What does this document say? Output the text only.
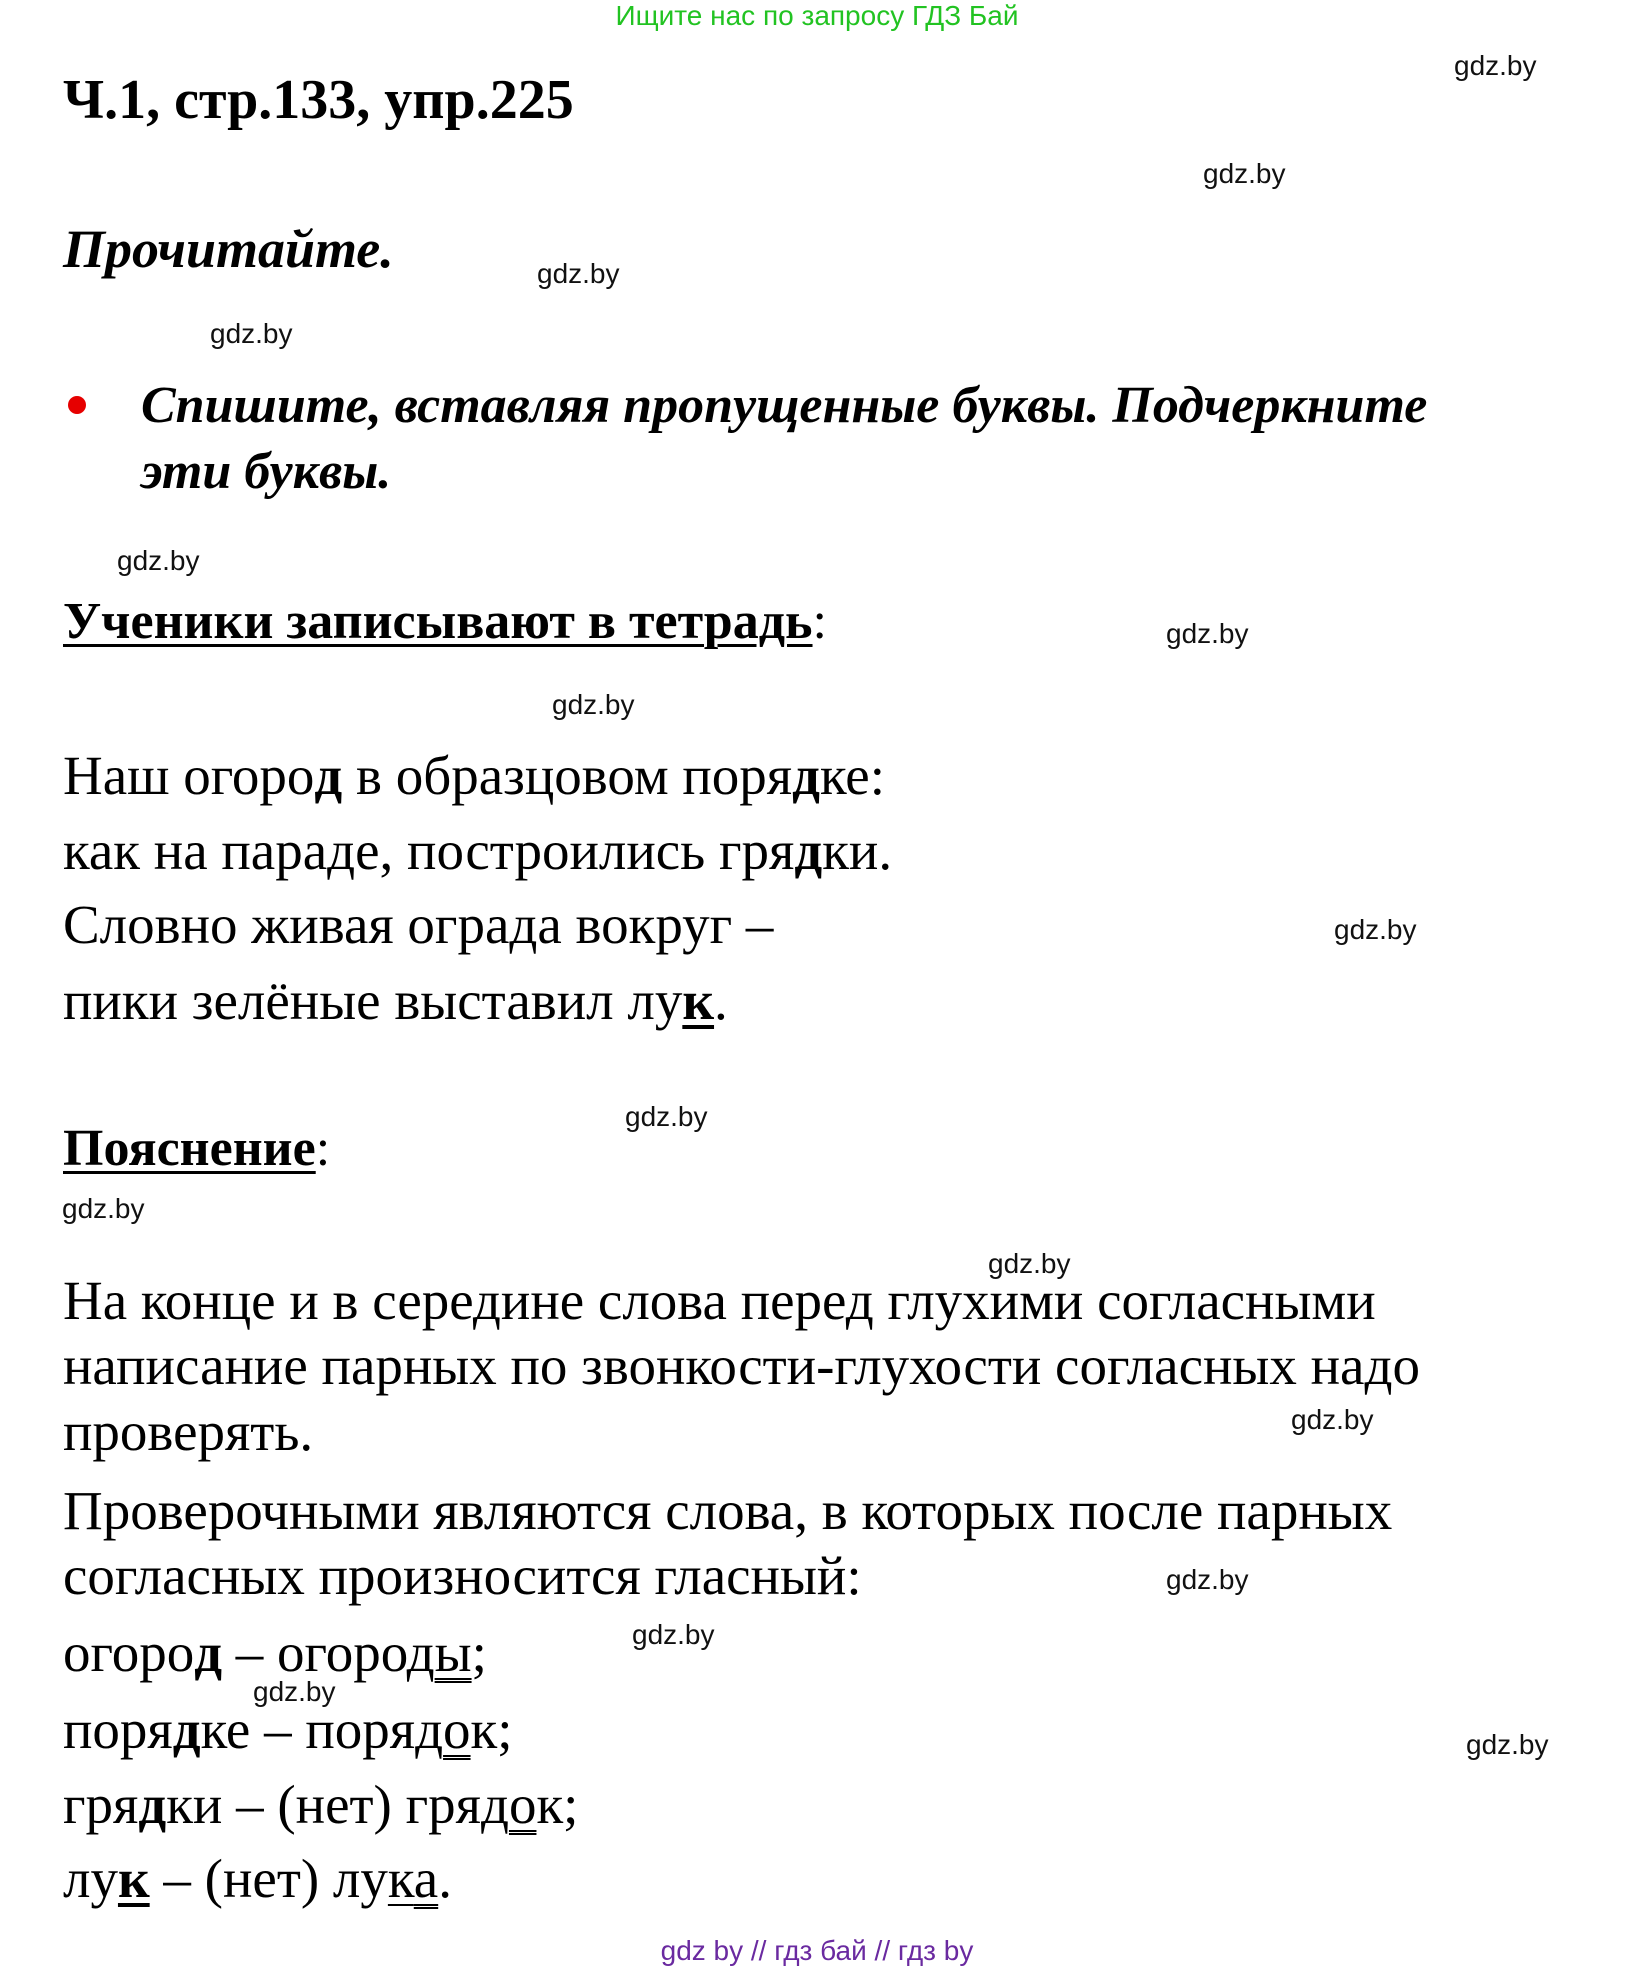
Ищите нас по запросу ГДЗ Бай
Ч.1, стр.133, упр.225
Прочитайте.
Спишите, вставляя пропущенные буквы. Подчеркните
эти буквы.
Ученики записывают в тетрадь:
Наш огород в образцовом порядке:
как на параде, построились грядки.
Словно живая ограда вокруг –
пики зелёные выставил лук.
Пояснение:
На конце и в середине слова перед глухими согласными
написание парных по звонкости-глухости согласных надо
проверять.
Проверочными являются слова, в которых после парных
согласных произносится гласный:
огород – огороды;
порядке – порядок;
грядки – (нет) грядок;
лук – (нет) лука.
gdz.by
gdz.by
gdz.by
gdz.by
gdz.by
gdz.by
gdz.by
gdz.by
gdz.by
gdz.by
gdz.by
gdz.by
gdz.by
gdz.by
gdz.by
gdz.by
gdz by // гдз бай // гдз by
